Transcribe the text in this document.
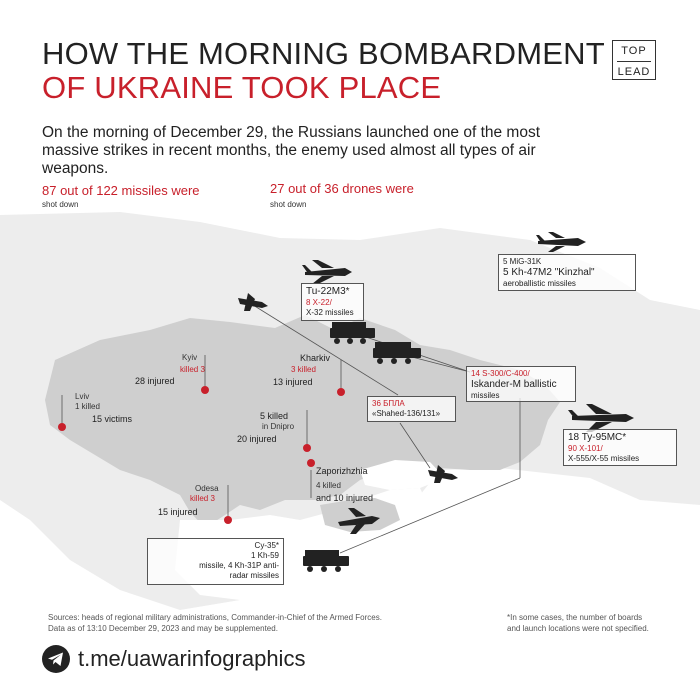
HOW THE MORNING BOMBARDMENT
OF UKRAINE TOOK PLACE
TOP
LEAD
On the morning of December 29, the Russians launched one of the most massive strikes in recent months, the enemy used almost all types of air weapons.
87 out of 122 missiles were
shot down
27 out of 36 drones were
shot down
Lviv
1 killed
15 victims
Kyiv
killed 3
28 injured
Kharkiv
3 killed
13 injured
5 killed
in Dnipro
20 injured
Zaporizhzhia
4 killed
and 10 injured
Odesa
killed 3
15 injured
5 MiG-31K
5 Kh-47M2 "Kinzhal"
aeroballistic missiles
Tu-22M3*
8 X-22/
X-32 missiles
36 БПЛА
«Shahed-136/131»
14 S-300/C-400/
Iskander-M ballistic
missiles
18 Ty-95MC*
90 X-101/
X-555/X-55 missiles
Cy-35*
1 Kh-59
missile, 4 Kh-31P anti-
radar missiles
Sources: heads of regional military administrations, Commander-in-Chief of the Armed Forces.
Data as of 13:10 December 29, 2023 and may be supplemented.
*In some cases, the number of boards
and launch locations were not specified.
t.me/uawarinfographics
